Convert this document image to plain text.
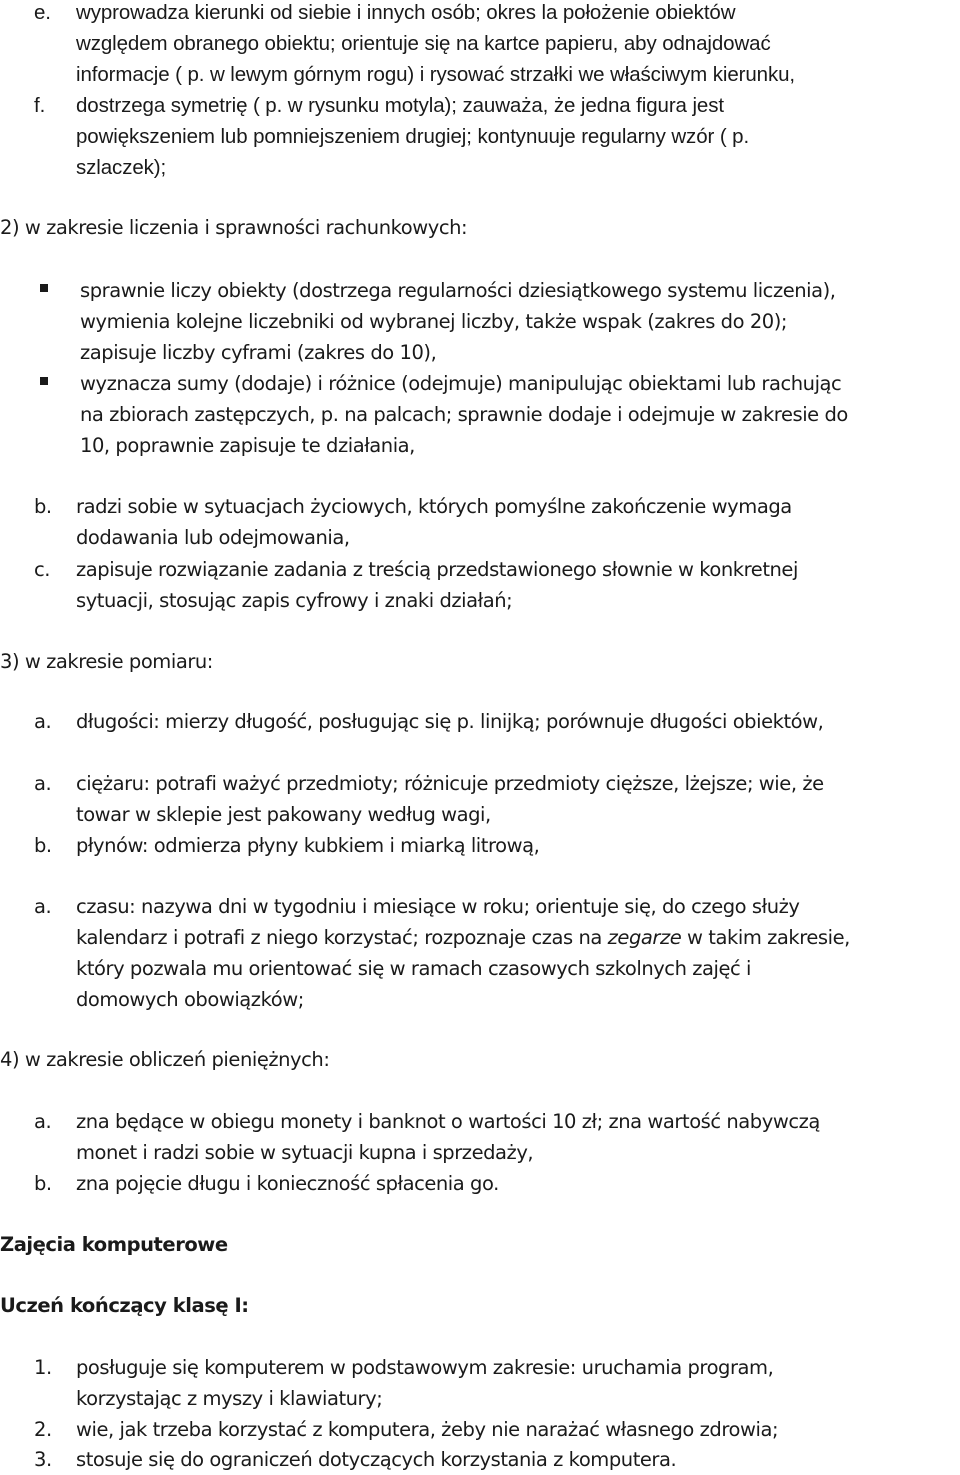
e. wyprowadza kierunki od siebie i innych osób; okres la położenie obiektów
względem obranego obiektu; orientuje się na kartce papieru, aby odnajdować
informacje ( p. w lewym górnym rogu) i rysować strzałki we właściwym kierunku,
f. dostrzega symetrię ( p. w rysunku motyla); zauważa, że jedna figura jest
powiększeniem lub pomniejszeniem drugiej; kontynuuje regularny wzór ( p.
szlaczek);
2) w zakresie liczenia i sprawności rachunkowych:
sprawnie liczy obiekty (dostrzega regularności dziesiątkowego systemu liczenia),
wymienia kolejne liczebniki od wybranej liczby, także wspak (zakres do 20);
zapisuje liczby cyframi (zakres do 10),
wyznacza sumy (dodaje) i różnice (odejmuje) manipulując obiektami lub rachując
na zbiorach zastępczych, p. na palcach; sprawnie dodaje i odejmuje w zakresie do
10, poprawnie zapisuje te działania,
b. radzi sobie w sytuacjach życiowych, których pomyślne zakończenie wymaga
dodawania lub odejmowania,
c. zapisuje rozwiązanie zadania z treścią przedstawionego słownie w konkretnej
sytuacji, stosując zapis cyfrowy i znaki działań;
3) w zakresie pomiaru:
a. długości: mierzy długość, posługując się p. linijką; porównuje długości obiektów,
a. ciężaru: potrafi ważyć przedmioty; różnicuje przedmioty cięższe, lżejsze; wie, że
towar w sklepie jest pakowany według wagi,
b. płynów: odmierza płyny kubkiem i miarką litrową,
a. czasu: nazywa dni w tygodniu i miesiące w roku; orientuje się, do czego służy
kalendarz i potrafi z niego korzystać; rozpoznaje czas na zegarze w takim zakresie,
który pozwala mu orientować się w ramach czasowych szkolnych zajęć i
domowych obowiązków;
4) w zakresie obliczeń pieniężnych:
a. zna będące w obiegu monety i banknot o wartości 10 zł; zna wartość nabywczą
monet i radzi sobie w sytuacji kupna i sprzedaży,
b. zna pojęcie długu i konieczność spłacenia go.
Zajęcia komputerowe
Uczeń kończący klasę I:
1. posługuje się komputerem w podstawowym zakresie: uruchamia program,
korzystając z myszy i klawiatury;
2. wie, jak trzeba korzystać z komputera, żeby nie narażać własnego zdrowia;
3. stosuje się do ograniczeń dotyczących korzystania z komputera.
